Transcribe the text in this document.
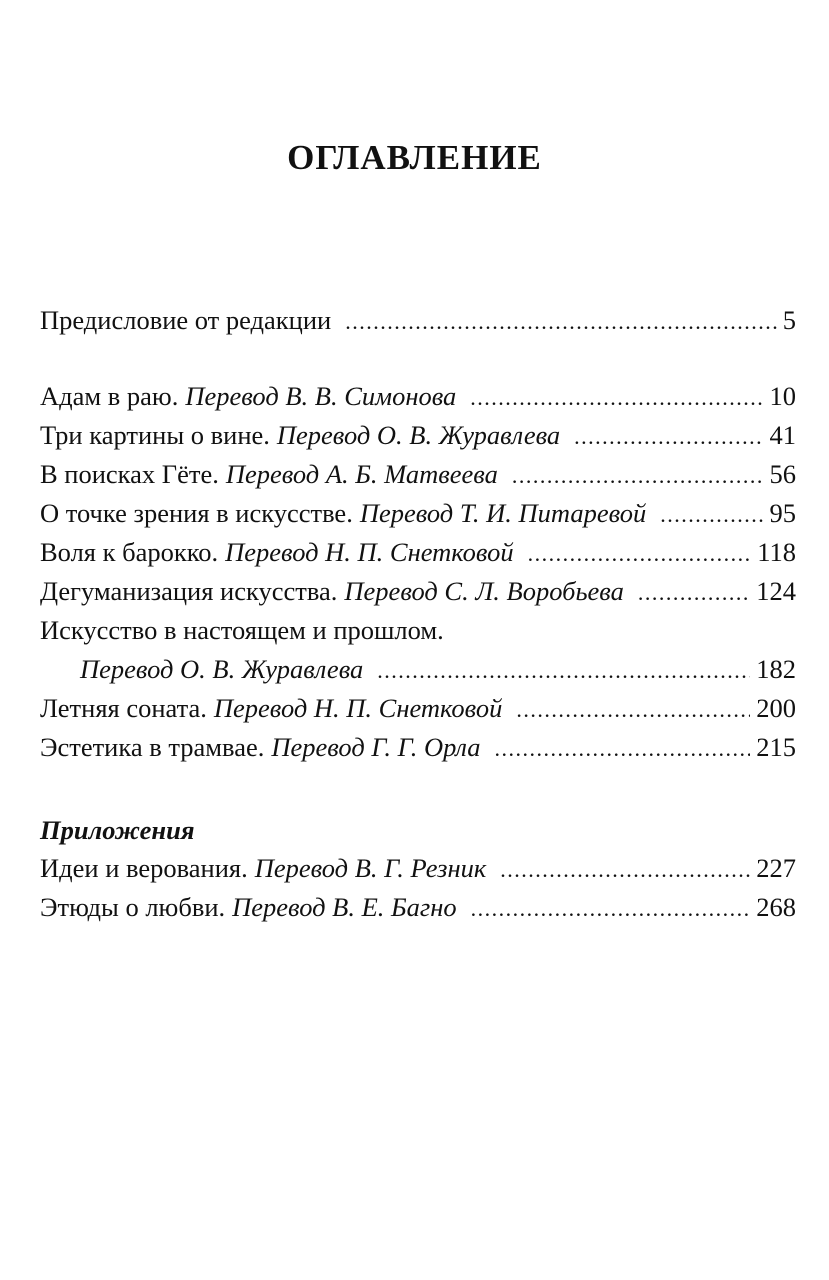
ОГЛАВЛЕНИЕ
Предисловие от редакции .....	5
Адам в раю. Перевод В. В. Симонова .....	10
Три картины о вине. Перевод О. В. Журавлева .....	41
В поисках Гёте. Перевод А. Б. Матвеева .....	56
О точке зрения в искусстве. Перевод Т. И. Питаревой .....	95
Воля к барокко. Перевод Н. П. Снетковой .....	118
Дегуманизация искусства. Перевод С. Л. Воробьева .....	124
Искусство в настоящем и прошлом.
Перевод О. В. Журавлева .....	182
Летняя соната. Перевод Н. П. Снетковой .....	200
Эстетика в трамвае. Перевод Г. Г. Орла .....	215
Приложения
Идеи и верования. Перевод В. Г. Резник .....	227
Этюды о любви. Перевод В. Е. Багно .....	268
